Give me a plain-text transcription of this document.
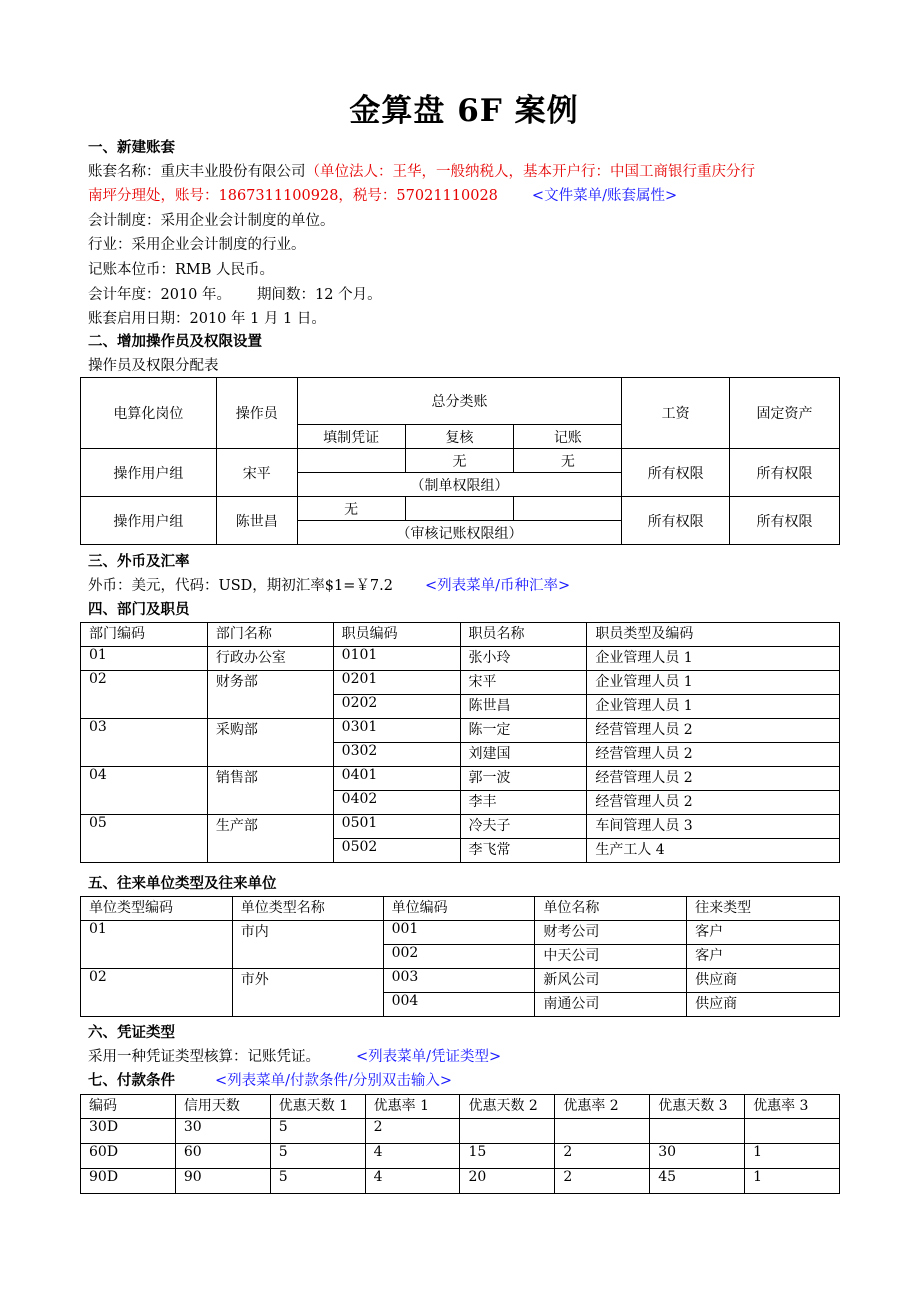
金算盘 6F 案例
一、新建账套
账套名称：重庆丰业股份有限公司（单位法人：王华，一般纳税人，基本开户行：中国工商银行重庆分行
南坪分理处，账号：1867311100928，税号：57021110028 <文件菜单/账套属性>
会计制度：采用企业会计制度的单位。
行业：采用企业会计制度的行业。
记账本位币：RMB 人民币。
会计年度：2010 年。 期间数：12 个月。
账套启用日期：2010 年 1 月 1 日。
二、增加操作员及权限设置
操作员及权限分配表
电算化岗位	操作员	总分类账			工资	固定资产
		填制凭证	复核	记账		
操作用户组	宋平		无	无	所有权限	所有权限
		（制单权限组）				
操作用户组	陈世昌	无			所有权限	所有权限
		（审核记账权限组）				
三、外币及汇率
外币：美元，代码：USD，期初汇率$1=￥7.2 <列表菜单/币种汇率>
四、部门及职员
部门编码	部门名称	职员编码	职员名称	职员类型及编码
01	行政办公室	0101	张小玲	企业管理人员 1
02	财务部	0201	宋平	企业管理人员 1
		0202	陈世昌	企业管理人员 1
03	采购部	0301	陈一定	经营管理人员 2
		0302	刘建国	经营管理人员 2
04	销售部	0401	郭一波	经营管理人员 2
		0402	李丰	经营管理人员 2
05	生产部	0501	冷夫子	车间管理人员 3
		0502	李飞常	生产工人 4
五、往来单位类型及往来单位
单位类型编码	单位类型名称	单位编码	单位名称	往来类型
01	市内	001	财考公司	客户
		002	中天公司	客户
02	市外	003	新风公司	供应商
		004	南通公司	供应商
六、凭证类型
采用一种凭证类型核算：记账凭证。 <列表菜单/凭证类型>
七、付款条件	<列表菜单/付款条件/分别双击输入>
编码	信用天数	优惠天数 1	优惠率 1	优惠天数 2	优惠率 2	优惠天数 3	优惠率 3
30D	30	5	2				
60D	60	5	4	15	2	30	1
90D	90	5	4	20	2	45	1
